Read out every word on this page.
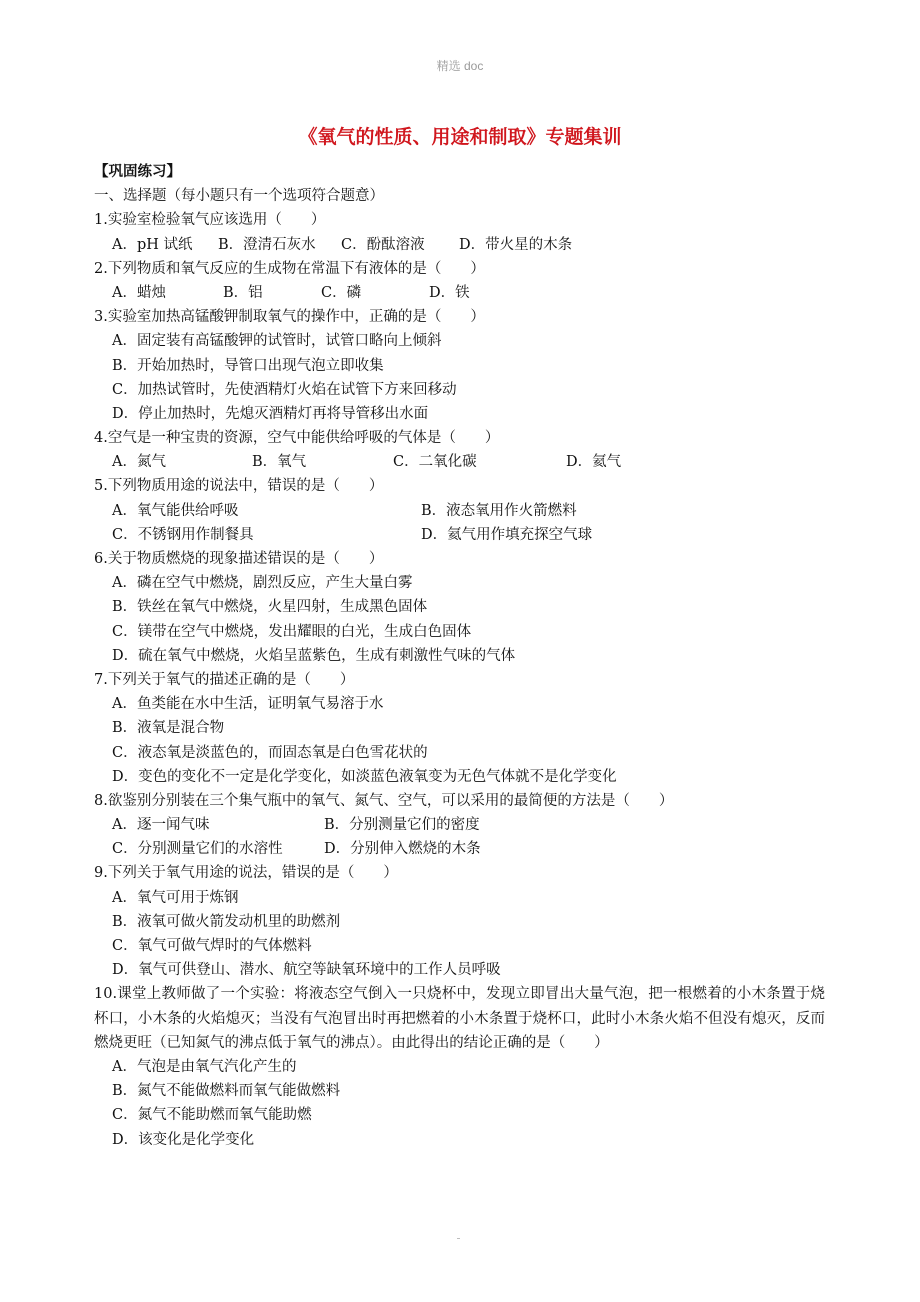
精选 doc
《氧气的性质、用途和制取》专题集训
【巩固练习】
一、选择题（每小题只有一个选项符合题意）
1.实验室检验氧气应该选用（　　）
A．pH 试纸	B．澄清石灰水	C．酚酞溶液	D．带火星的木条
2.下列物质和氧气反应的生成物在常温下有液体的是（　　）
A．蜡烛	B．铝	C．磷	D．铁
3.实验室加热高锰酸钾制取氧气的操作中，正确的是（　　）
A．固定装有高锰酸钾的试管时，试管口略向上倾斜
B．开始加热时，导管口出现气泡立即收集
C．加热试管时，先使酒精灯火焰在试管下方来回移动
D．停止加热时，先熄灭酒精灯再将导管移出水面
4.空气是一种宝贵的资源，空气中能供给呼吸的气体是（　　）
A．氮气	B．氧气	C．二氧化碳	D．氦气
5.下列物质用途的说法中，错误的是（　　）
A．氧气能供给呼吸	B．液态氧用作火箭燃料
C．不锈钢用作制餐具	D．氦气用作填充探空气球
6.关于物质燃烧的现象描述错误的是（　　）
A．磷在空气中燃烧，剧烈反应，产生大量白雾
B．铁丝在氧气中燃烧，火星四射，生成黑色固体
C．镁带在空气中燃烧，发出耀眼的白光，生成白色固体
D．硫在氧气中燃烧，火焰呈蓝紫色，生成有刺激性气味的气体
7.下列关于氧气的描述正确的是（　　）
A．鱼类能在水中生活，证明氧气易溶于水
B．液氧是混合物
C．液态氧是淡蓝色的，而固态氧是白色雪花状的
D．变色的变化不一定是化学变化，如淡蓝色液氧变为无色气体就不是化学变化
8.欲鉴别分别装在三个集气瓶中的氧气、氮气、空气，可以采用的最简便的方法是（　　）
A．逐一闻气味	B．分别测量它们的密度
C．分别测量它们的水溶性	D．分别伸入燃烧的木条
9.下列关于氧气用途的说法，错误的是（　　）
A．氧气可用于炼钢
B．液氧可做火箭发动机里的助燃剂
C．氧气可做气焊时的气体燃料
D．氧气可供登山、潜水、航空等缺氧环境中的工作人员呼吸
10.课堂上教师做了一个实验：将液态空气倒入一只烧杯中，发现立即冒出大量气泡，把一根燃着的小木条置于烧杯口，小木条的火焰熄灭；当没有气泡冒出时再把燃着的小木条置于烧杯口，此时小木条火焰不但没有熄灭，反而燃烧更旺（已知氮气的沸点低于氧气的沸点）。由此得出的结论正确的是（　　）
A．气泡是由氧气汽化产生的
B．氮气不能做燃料而氧气能做燃料
C．氮气不能助燃而氧气能助燃
D．该变化是化学变化
